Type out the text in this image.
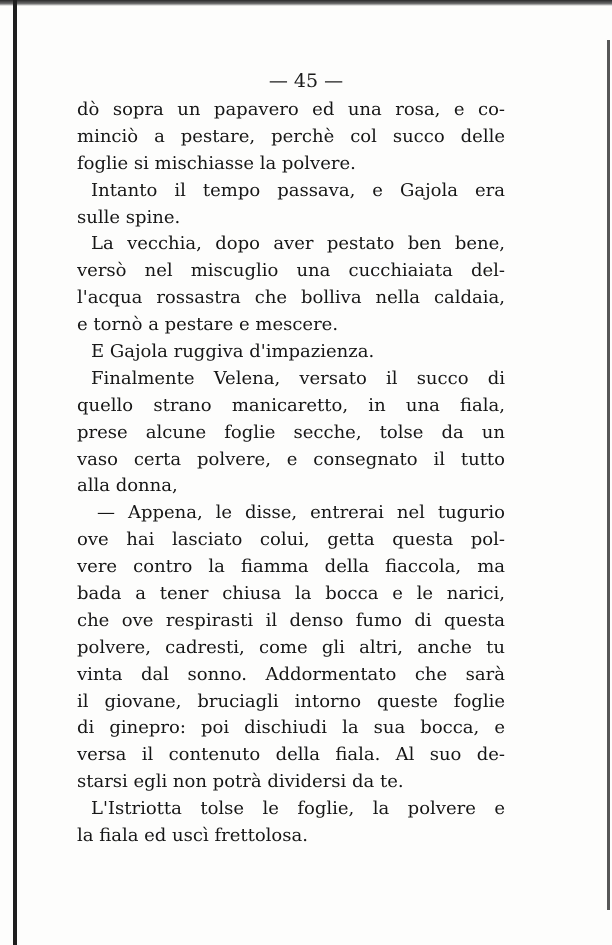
— 45 —
dò sopra un papavero ed una rosa, e co-
minciò a pestare, perchè col succo delle
foglie si mischiasse la polvere.
Intanto il tempo passava, e Gajola era
sulle spine.
La vecchia, dopo aver pestato ben bene,
versò nel miscuglio una cucchiaiata del-
l'acqua rossastra che bolliva nella caldaia,
e tornò a pestare e mescere.
E Gajola ruggiva d'impazienza.
Finalmente Velena, versato il succo di
quello strano manicaretto, in una fiala,
prese alcune foglie secche, tolse da un
vaso certa polvere, e consegnato il tutto
alla donna,
— Appena, le disse, entrerai nel tugurio
ove hai lasciato colui, getta questa pol-
vere contro la fiamma della fiaccola, ma
bada a tener chiusa la bocca e le narici,
che ove respirasti il denso fumo di questa
polvere, cadresti, come gli altri, anche tu
vinta dal sonno. Addormentato che sarà
il giovane, bruciagli intorno queste foglie
di ginepro: poi dischiudi la sua bocca, e
versa il contenuto della fiala. Al suo de-
starsi egli non potrà dividersi da te.
L'Istriotta tolse le foglie, la polvere e
la fiala ed uscì frettolosa.
